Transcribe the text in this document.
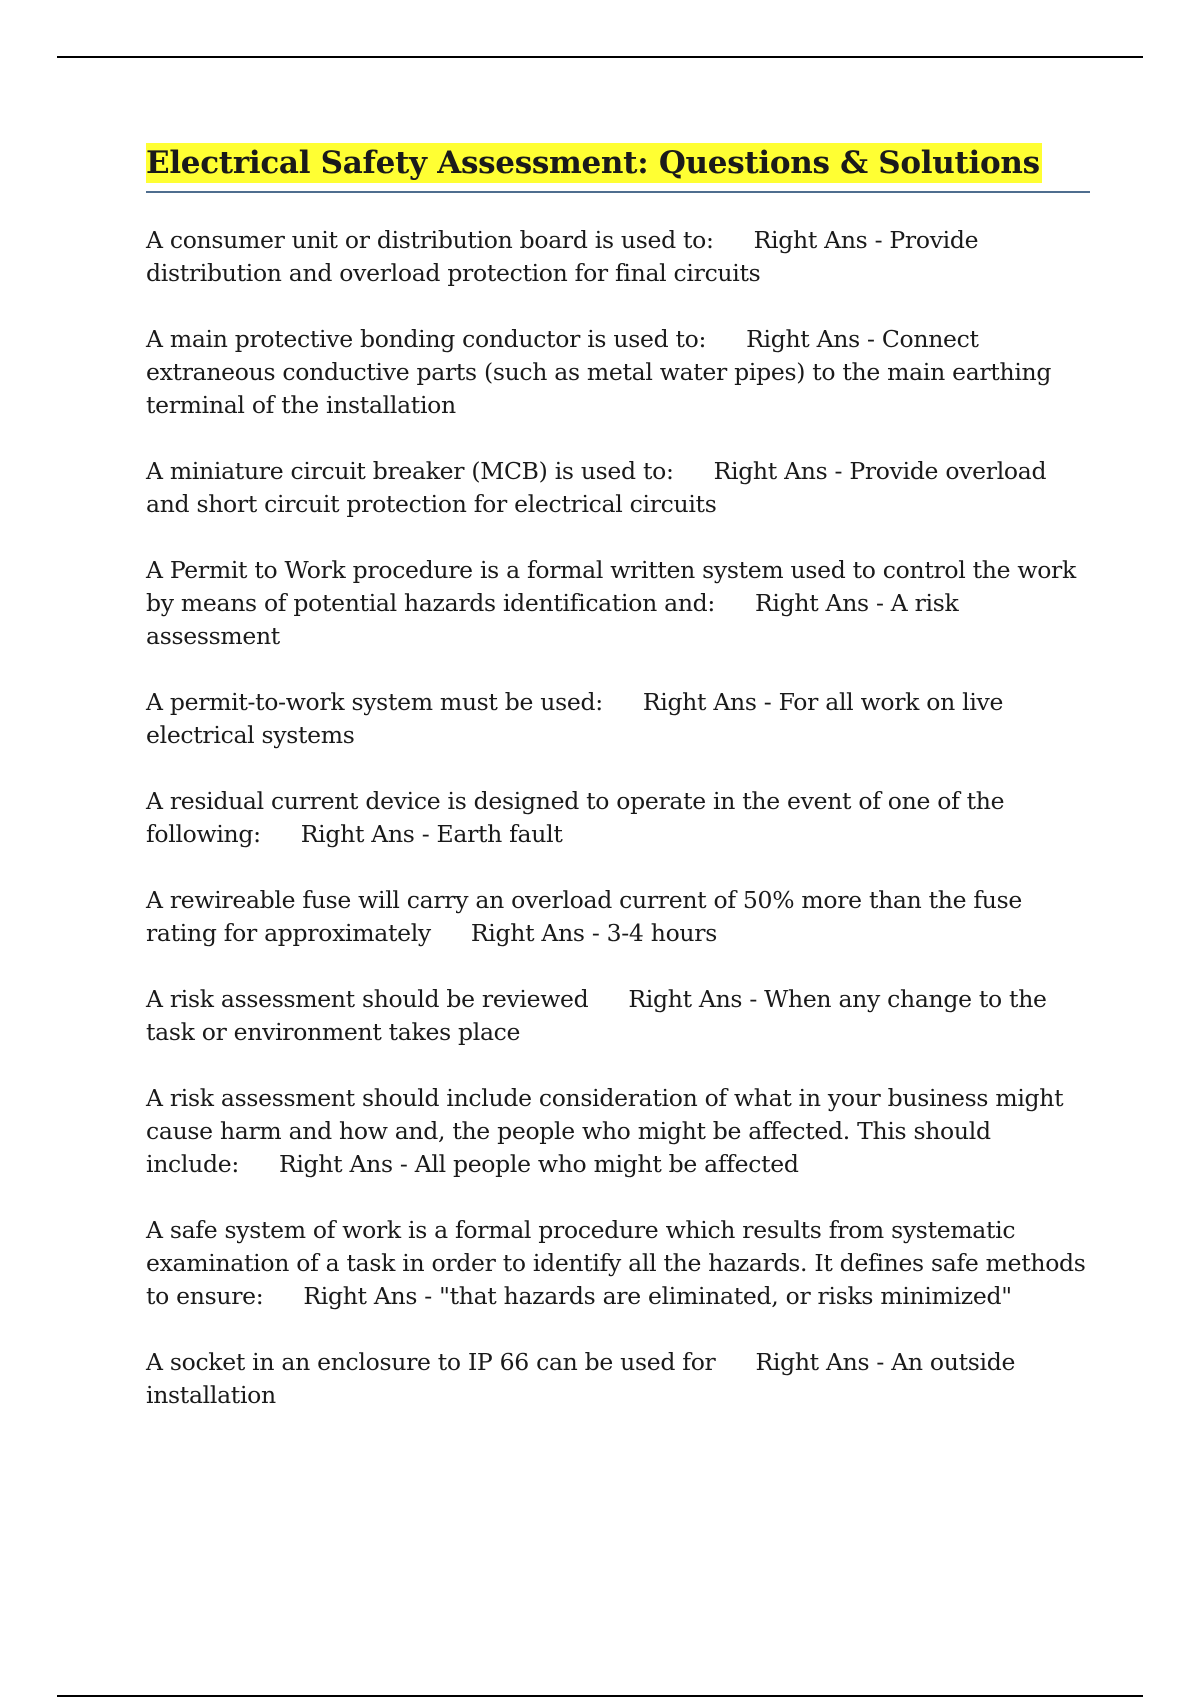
Electrical Safety Assessment: Questions & Solutions

A consumer unit or distribution board is used to: Right Ans - Provide distribution and overload protection for final circuits

A main protective bonding conductor is used to: Right Ans - Connect extraneous conductive parts (such as metal water pipes) to the main earthing terminal of the installation

A miniature circuit breaker (MCB) is used to: Right Ans - Provide overload and short circuit protection for electrical circuits

A Permit to Work procedure is a formal written system used to control the work by means of potential hazards identification and: Right Ans - A risk assessment

A permit-to-work system must be used: Right Ans - For all work on live electrical systems

A residual current device is designed to operate in the event of one of the following: Right Ans - Earth fault

A rewireable fuse will carry an overload current of 50% more than the fuse rating for approximately Right Ans - 3-4 hours

A risk assessment should be reviewed Right Ans - When any change to the task or environment takes place

A risk assessment should include consideration of what in your business might cause harm and how and, the people who might be affected. This should include: Right Ans - All people who might be affected

A safe system of work is a formal procedure which results from systematic examination of a task in order to identify all the hazards. It defines safe methods to ensure: Right Ans - "that hazards are eliminated, or risks minimized"

A socket in an enclosure to IP 66 can be used for Right Ans - An outside installation
